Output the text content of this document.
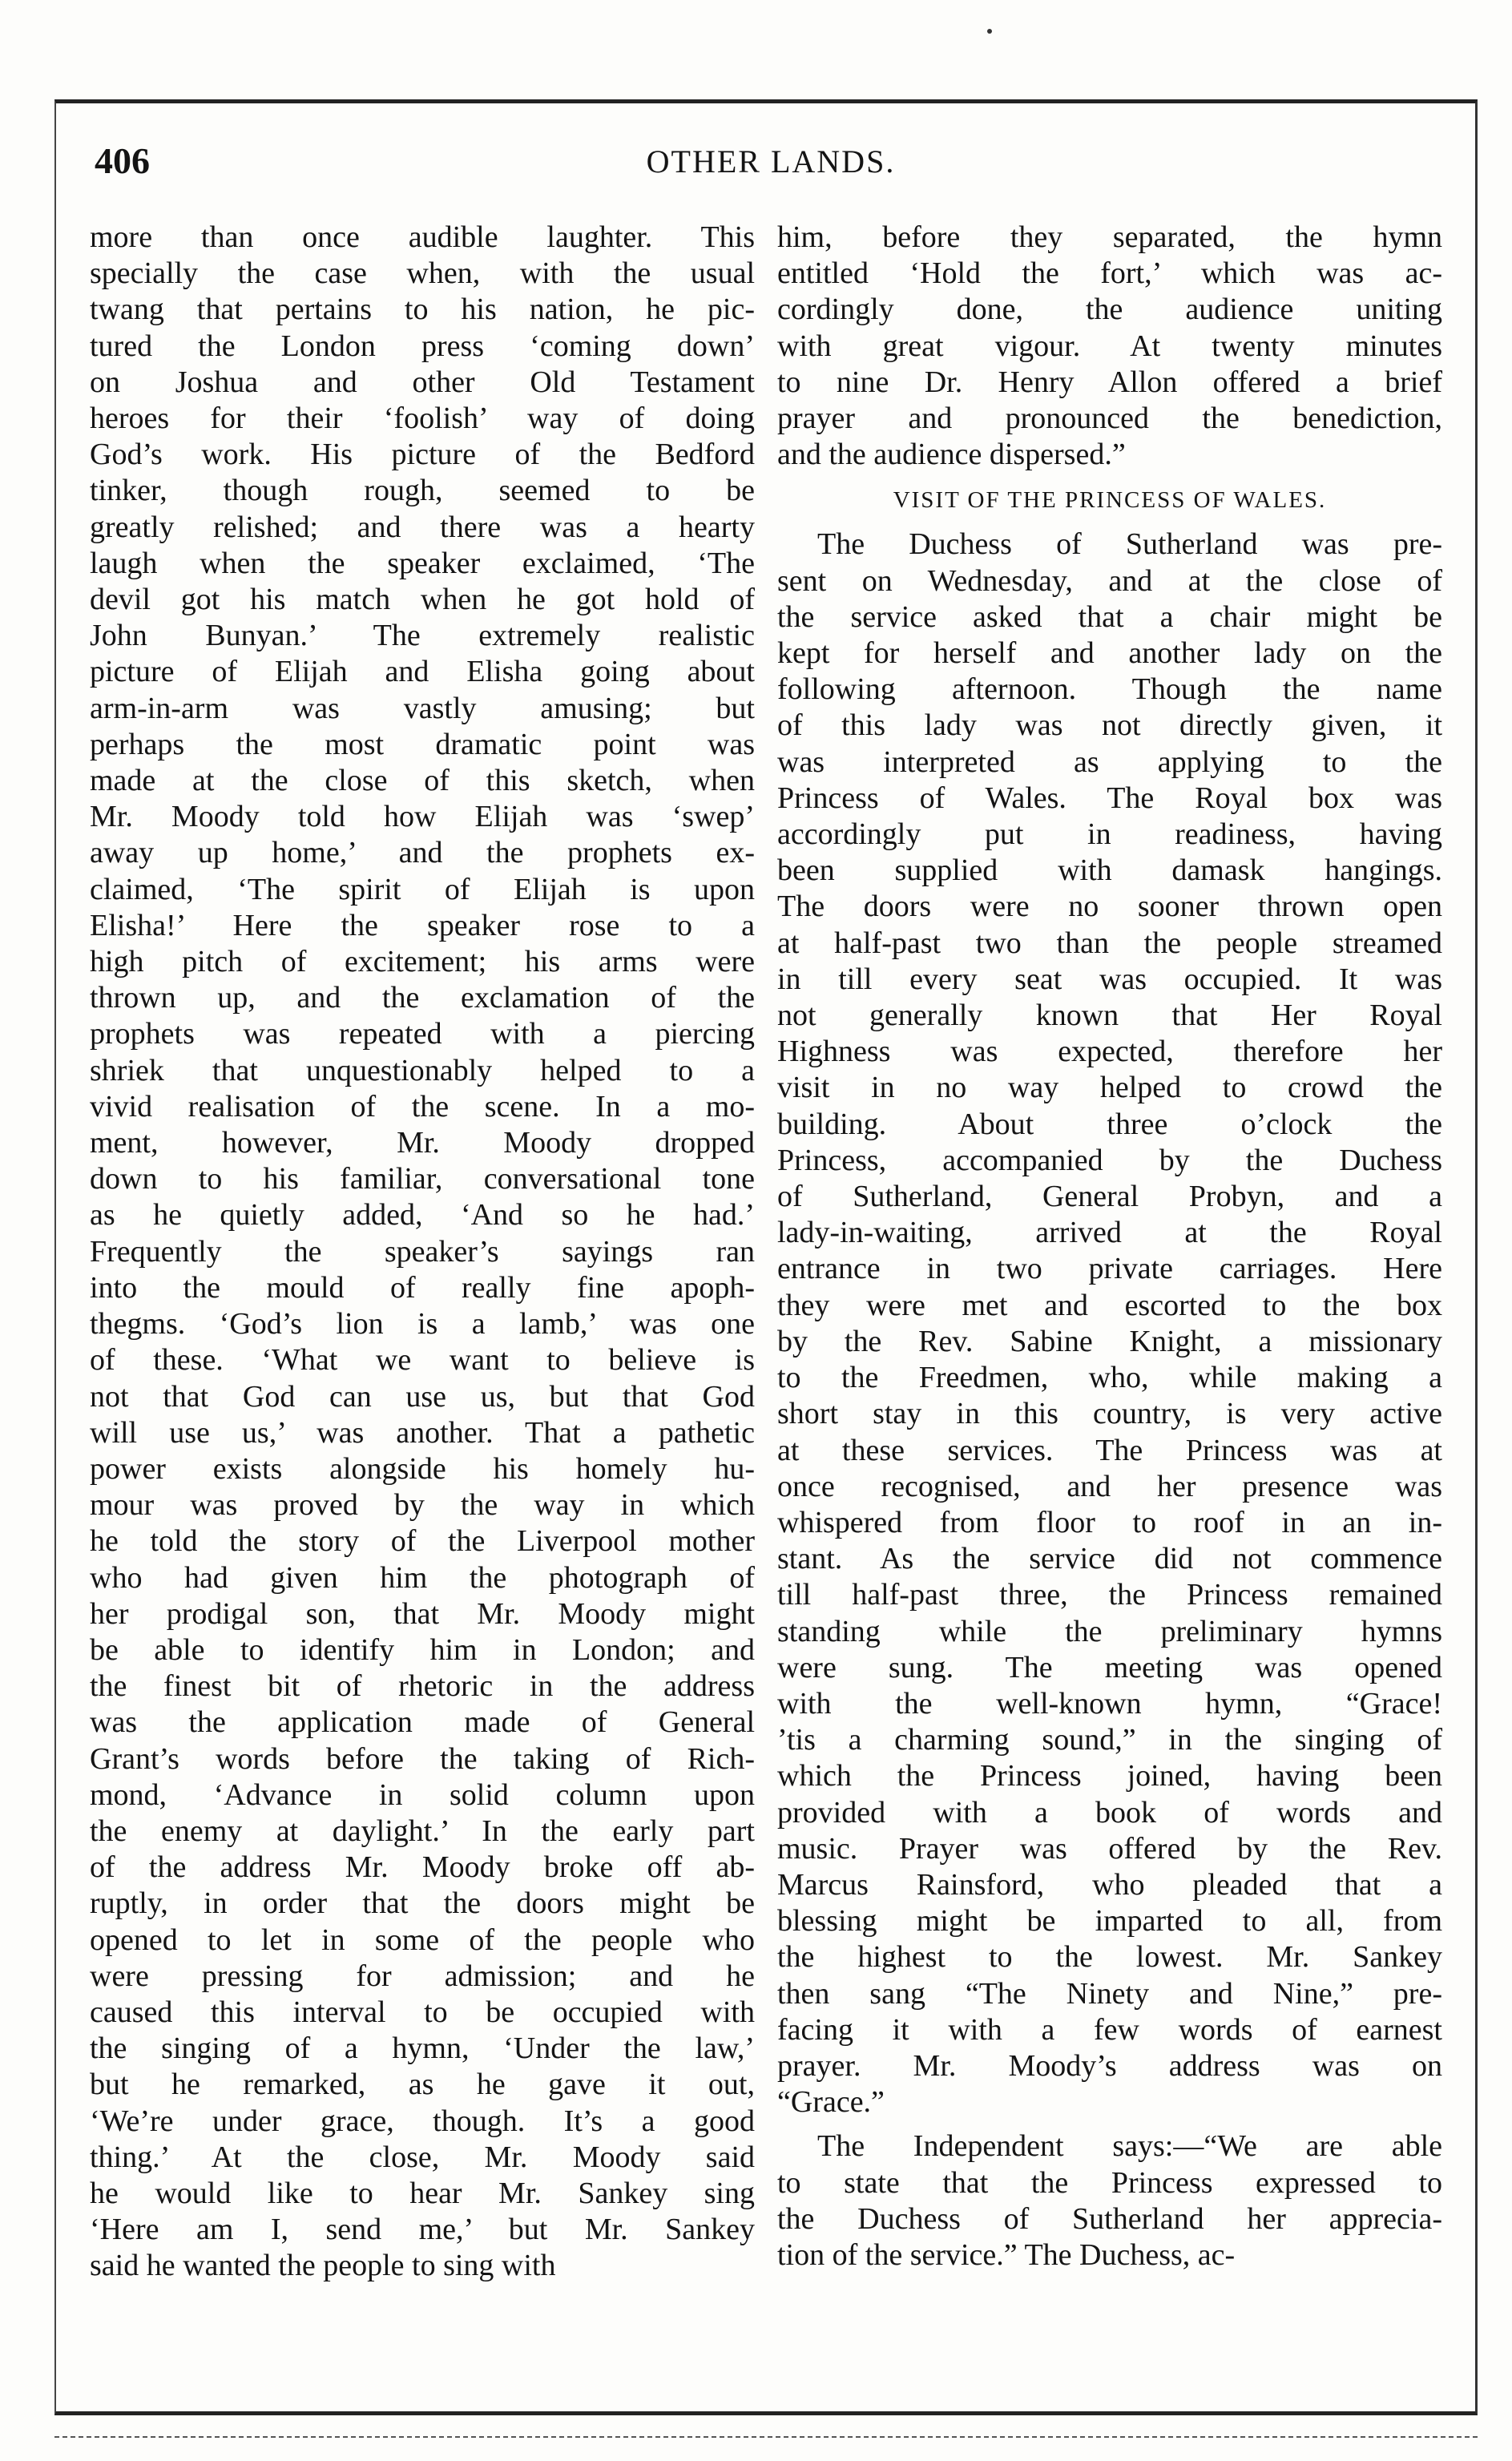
406	OTHER LANDS.
more than once audible laughter. This
specially the case when, with the usual
twang that pertains to his nation, he pic-
tured the London press ‘coming down’
on Joshua and other Old Testament
heroes for their ‘foolish’ way of doing
God’s work. His picture of the Bedford
tinker, though rough, seemed to be
greatly relished; and there was a hearty
laugh when the speaker exclaimed, ‘The
devil got his match when he got hold of
John Bunyan.’ The extremely realistic
picture of Elijah and Elisha going about
arm-in-arm was vastly amusing; but
perhaps the most dramatic point was
made at the close of this sketch, when
Mr. Moody told how Elijah was ‘swep’
away up home,’ and the prophets ex-
claimed, ‘The spirit of Elijah is upon
Elisha!’ Here the speaker rose to a
high pitch of excitement; his arms were
thrown up, and the exclamation of the
prophets was repeated with a piercing
shriek that unquestionably helped to a
vivid realisation of the scene. In a mo-
ment, however, Mr. Moody dropped
down to his familiar, conversational tone
as he quietly added, ‘And so he had.’
Frequently the speaker’s sayings ran
into the mould of really fine apoph-
thegms. ‘God’s lion is a lamb,’ was one
of these. ‘What we want to believe is
not that God can use us, but that God
will use us,’ was another. That a pathetic
power exists alongside his homely hu-
mour was proved by the way in which
he told the story of the Liverpool mother
who had given him the photograph of
her prodigal son, that Mr. Moody might
be able to identify him in London; and
the finest bit of rhetoric in the address
was the application made of General
Grant’s words before the taking of Rich-
mond, ‘Advance in solid column upon
the enemy at daylight.’ In the early part
of the address Mr. Moody broke off ab-
ruptly, in order that the doors might be
opened to let in some of the people who
were pressing for admission; and he
caused this interval to be occupied with
the singing of a hymn, ‘Under the law,’
but he remarked, as he gave it out,
‘We’re under grace, though. It’s a good
thing.’ At the close, Mr. Moody said
he would like to hear Mr. Sankey sing
‘Here am I, send me,’ but Mr. Sankey
said he wanted the people to sing with
him, before they separated, the hymn
entitled ‘Hold the fort,’ which was ac-
cordingly done, the audience uniting
with great vigour. At twenty minutes
to nine Dr. Henry Allon offered a brief
prayer and pronounced the benediction,
and the audience dispersed.”
VISIT OF THE PRINCESS OF WALES.
The Duchess of Sutherland was pre-
sent on Wednesday, and at the close of
the service asked that a chair might be
kept for herself and another lady on the
following afternoon. Though the name
of this lady was not directly given, it
was interpreted as applying to the
Princess of Wales. The Royal box was
accordingly put in readiness, having
been supplied with damask hangings.
The doors were no sooner thrown open
at half-past two than the people streamed
in till every seat was occupied. It was
not generally known that Her Royal
Highness was expected, therefore her
visit in no way helped to crowd the
building. About three o’clock the
Princess, accompanied by the Duchess
of Sutherland, General Probyn, and a
lady-in-waiting, arrived at the Royal
entrance in two private carriages. Here
they were met and escorted to the box
by the Rev. Sabine Knight, a missionary
to the Freedmen, who, while making a
short stay in this country, is very active
at these services. The Princess was at
once recognised, and her presence was
whispered from floor to roof in an in-
stant. As the service did not commence
till half-past three, the Princess remained
standing while the preliminary hymns
were sung. The meeting was opened
with the well-known hymn, “Grace!
’tis a charming sound,” in the singing of
which the Princess joined, having been
provided with a book of words and
music. Prayer was offered by the Rev.
Marcus Rainsford, who pleaded that a
blessing might be imparted to all, from
the highest to the lowest. Mr. Sankey
then sang “The Ninety and Nine,” pre-
facing it with a few words of earnest
prayer. Mr. Moody’s address was on
“Grace.”
The Independent says:—“We are able
to state that the Princess expressed to
the Duchess of Sutherland her apprecia-
tion of the service.” The Duchess, ac-
